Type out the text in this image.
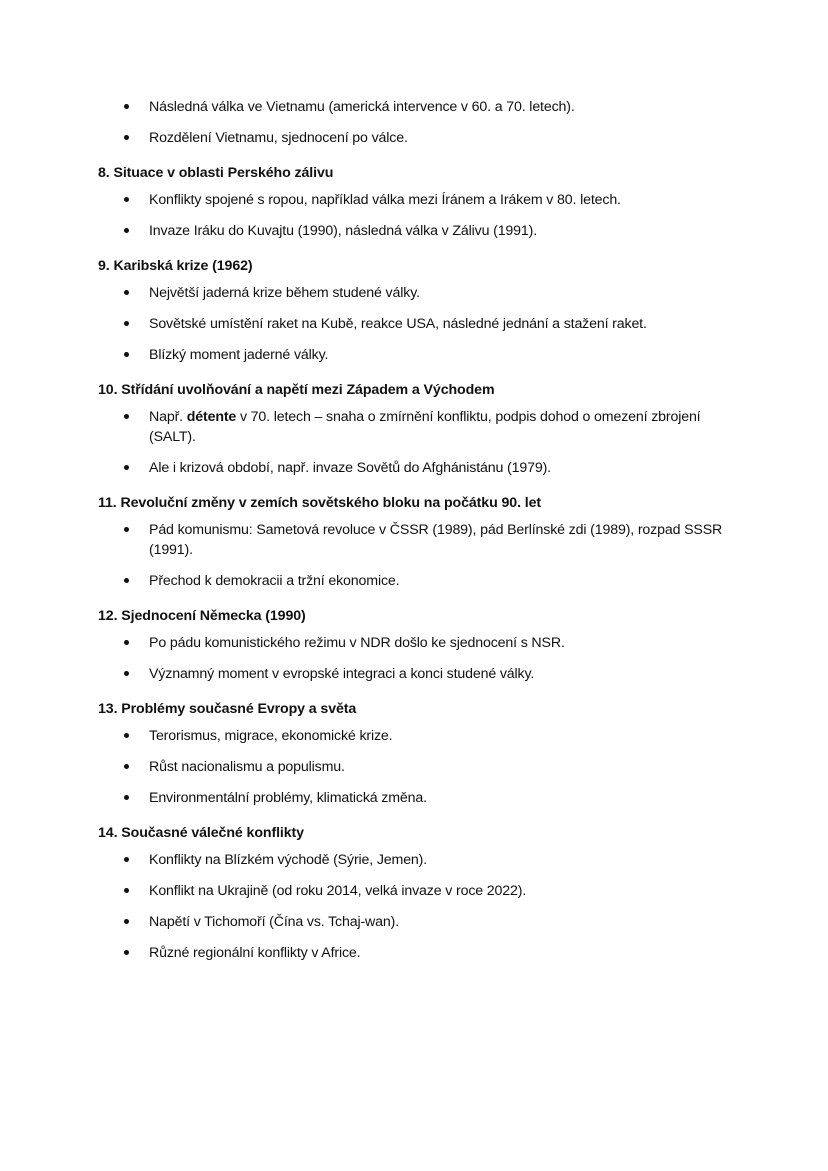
Následná válka ve Vietnamu (americká intervence v 60. a 70. letech).
Rozdělení Vietnamu, sjednocení po válce.

8. Situace v oblasti Perského zálivu

Konflikty spojené s ropou, například válka mezi Íránem a Irákem v 80. letech.
Invaze Iráku do Kuvajtu (1990), následná válka v Zálivu (1991).

9. Karibská krize (1962)

Největší jaderná krize během studené války.
Sovětské umístění raket na Kubě, reakce USA, následné jednání a stažení raket.
Blízký moment jaderné války.

10. Střídání uvolňování a napětí mezi Západem a Východem

Např. détente v 70. letech – snaha o zmírnění konfliktu, podpis dohod o omezení zbrojení (SALT).
Ale i krizová období, např. invaze Sovětů do Afghánistánu (1979).

11. Revoluční změny v zemích sovětského bloku na počátku 90. let

Pád komunismu: Sametová revoluce v ČSSR (1989), pád Berlínské zdi (1989), rozpad SSSR (1991).
Přechod k demokracii a tržní ekonomice.

12. Sjednocení Německa (1990)

Po pádu komunistického režimu v NDR došlo ke sjednocení s NSR.
Významný moment v evropské integraci a konci studené války.

13. Problémy současné Evropy a světa

Terorismus, migrace, ekonomické krize.
Růst nacionalismu a populismu.
Environmentální problémy, klimatická změna.

14. Současné válečné konflikty

Konflikty na Blízkém východě (Sýrie, Jemen).
Konflikt na Ukrajině (od roku 2014, velká invaze v roce 2022).
Napětí v Tichomoří (Čína vs. Tchaj-wan).
Různé regionální konflikty v Africe.
